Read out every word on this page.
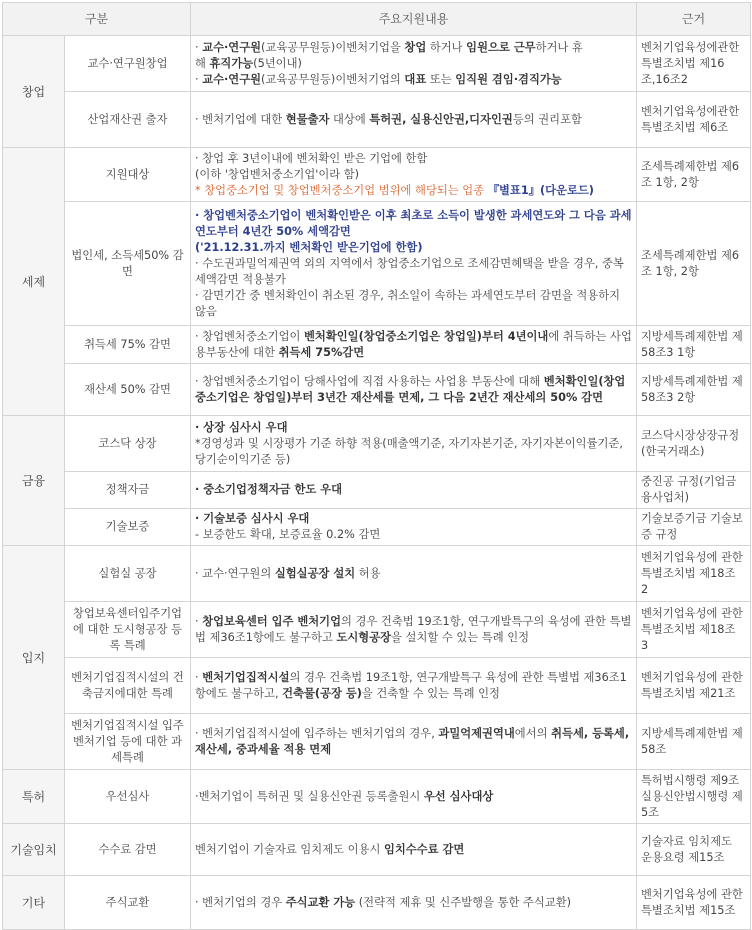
구분		주요지원내용	근거
창업	교수·연구원창업	· 교수·연구원(교육공무원등)이벤처기업을 창업 하거나 임원으로 근무하거나 휴
해 휴직가능(5년이내)
· 교수·연구원(교육공무원등)이벤처기업의 대표 또는 임직원 겸임·겸직가능	벤처기업육성에관한특별조치법 제16조,16조2
	산업재산권 출자	· 벤처기업에 대한 현물출자 대상에 특허권, 실용신안권,디자인권등의 권리포함	벤처기업육성에관한특별조치법 제6조
세제	지원대상	· 창업 후 3년이내에 벤처확인 받은 기업에 한함
(이하 '창업벤처중소기업'이라 함)
* 창업중소기업 및 창업벤처중소기업 범위에 해당되는 업종 『별표1』(다운로드)	조세특례제한법 제6조 1항, 2항
	법인세, 소득세50% 감면	· 창업벤처중소기업이 벤처확인받은 이후 최초로 소득이 발생한 과세연도와 그 다음 과세연도부터 4년간 50% 세액감면
('21.12.31.까지 벤처확인 받은기업에 한함)
· 수도권과밀억제권역 외의 지역에서 창업중소기업으로 조세감면혜택을 받을 경우, 중복세액감면 적용불가
· 감면기간 중 벤처확인이 취소된 경우, 취소일이 속하는 과세연도부터 감면을 적용하지 않음	조세특례제한법 제6조 1항, 2항
	취득세 75% 감면	· 창업벤처중소기업이 벤처확인일(창업중소기업은 창업일)부터 4년이내에 취득하는 사업용부동산에 대한 취득세 75%감면	지방세특례제한법 제58조3 1항
	재산세 50% 감면	· 창업벤처중소기업이 당해사업에 직접 사용하는 사업용 부동산에 대해 벤처확인일(창업중소기업은 창업일)부터 3년간 재산세를 면제, 그 다음 2년간 재산세의 50% 감면	지방세특례제한법 제58조3 2항
금융	코스닥 상장	· 상장 심사시 우대
*경영성과 및 시장평가 기준 하향 적용(매출액기준, 자기자본기준, 자기자본이익률기준, 당기순이익기준 등)	코스닥시장상장규정(한국거래소)
	정책자금	· 중소기업정책자금 한도 우대	중진공 규정(기업금융사업처)
	기술보증	· 기술보증 심사시 우대
- 보증한도 확대, 보증료율 0.2% 감면	기술보증기금 기술보증 규정
입지	실험실 공장	· 교수·연구원의 실험실공장 설치 허용	벤처기업육성에 관한 특별조치법 제18조 2
	창업보육센터입주기업에 대한 도시형공장 등록 특례	· 창업보육센터 입주 벤처기업의 경우 건축법 19조1항, 연구개발특구의 육성에 관한 특별법 제36조1항에도 불구하고 도시형공장을 설치할 수 있는 특례 인정	벤처기업육성에 관한 특별조치법 제18조 3
	벤처기업집적시설의 건축금지에대한 특례	· 벤처기업집적시설의 경우 건축법 19조1항, 연구개발특구 육성에 관한 특별법 제36조1항에도 불구하고, 건축물(공장 등)을 건축할 수 있는 특례 인정	벤처기업육성에 관한 특별조치법 제21조
	벤처기업집적시설 입주 벤처기업 등에 대한 과세특례	· 벤처기업집적시설에 입주하는 벤처기업의 경우, 과밀억제권역내에서의 취득세, 등록세, 재산세, 중과세율 적용 면제	지방세특례제한법 제58조
특허	우선심사	·벤처기업이 특허권 및 실용신안권 등록출원시 우선 심사대상	특허법시행령 제9조 실용신안법시행령 제5조
기술임치	수수료 감면	벤처기업이 기술자료 임치제도 이용시 임치수수료 감면	기술자료 임치제도 운용요령 제15조
기타	주식교환	· 벤처기업의 경우 주식교환 가능 (전략적 제휴 및 신주발행을 통한 주식교환)	벤처기업육성에 관한 특별조치법 제15조
